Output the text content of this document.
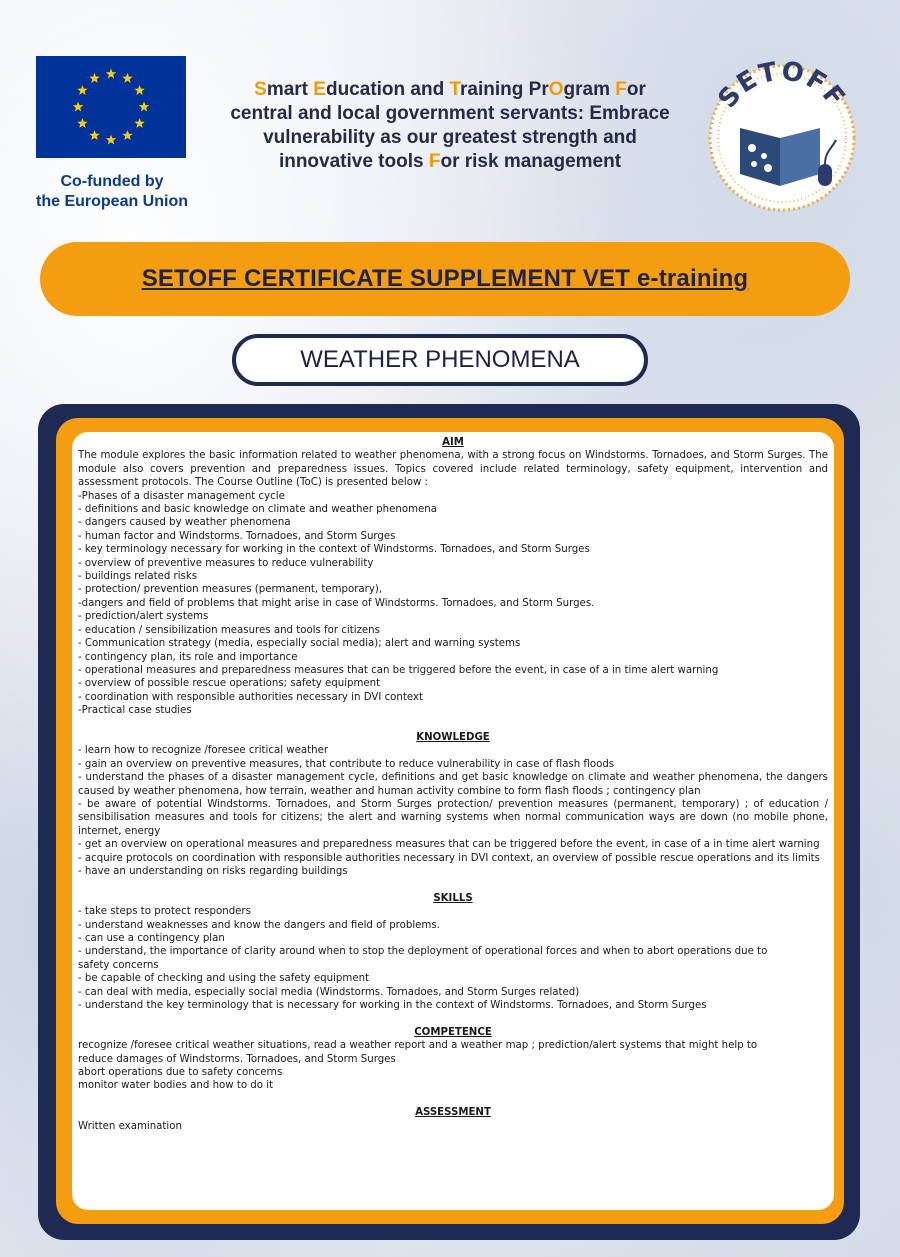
Co-funded by
the European Union
Smart Education and Training PrOgram For
central and local government servants: Embrace
vulnerability as our greatest strength and
innovative tools For risk management
SETOFF
SETOFF CERTIFICATE SUPPLEMENT VET e-training
WEATHER PHENOMENA
AIM
The module explores the basic information related to weather phenomena, with a strong focus on Windstorms. Tornadoes, and Storm Surges. The module also covers prevention and preparedness issues. Topics covered include related terminology, safety equipment, intervention and assessment protocols. The Course Outline (ToC) is presented below :
-Phases of a disaster management cycle
- definitions and basic knowledge on climate and weather phenomena
- dangers caused by weather phenomena
- human factor and Windstorms. Tornadoes, and Storm Surges
- key terminology necessary for working in the context of Windstorms. Tornadoes, and Storm Surges
- overview of preventive measures to reduce vulnerability
- buildings related risks
- protection/ prevention measures (permanent, temporary),
-dangers and field of problems that might arise in case of Windstorms. Tornadoes, and Storm Surges.
- prediction/alert systems
- education / sensibilization measures and tools for citizens
- Communication strategy (media, especially social media); alert and warning systems
- contingency plan, its role and importance
- operational measures and preparedness measures that can be triggered before the event, in case of a in time alert warning
- overview of possible rescue operations; safety equipment
- coordination with responsible authorities necessary in DVI context
-Practical case studies
KNOWLEDGE
- learn how to recognize /foresee critical weather
- gain an overview on preventive measures, that contribute to reduce vulnerability in case of flash floods
- understand the phases of a disaster management cycle, definitions and get basic knowledge on climate and weather phenomena, the dangers caused by weather phenomena, how terrain, weather and human activity combine to form flash floods ; contingency plan
- be aware of potential Windstorms. Tornadoes, and Storm Surges protection/ prevention measures (permanent, temporary) ; of education / sensibilisation measures and tools for citizens; the alert and warning systems when normal communication ways are down (no mobile phone, internet, energy
- get an overview on operational measures and preparedness measures that can be triggered before the event, in case of a in time alert warning
- acquire protocols on coordination with responsible authorities necessary in DVI context, an overview of possible rescue operations and its limits
- have an understanding on risks regarding buildings
SKILLS
- take steps to protect responders
- understand weaknesses and know the dangers and field of problems.
- can use a contingency plan
- understand, the importance of clarity around when to stop the deployment of operational forces and when to abort operations due to
safety concerns
- be capable of checking and using the safety equipment
- can deal with media, especially social media (Windstorms. Tornadoes, and Storm Surges related)
- understand the key terminology that is necessary for working in the context of Windstorms. Tornadoes, and Storm Surges
COMPETENCE
recognize /foresee critical weather situations, read a weather report and a weather map ; prediction/alert systems that might help to
reduce damages of Windstorms. Tornadoes, and Storm Surges
abort operations due to safety concerns
monitor water bodies and how to do it
ASSESSMENT
Written examination
